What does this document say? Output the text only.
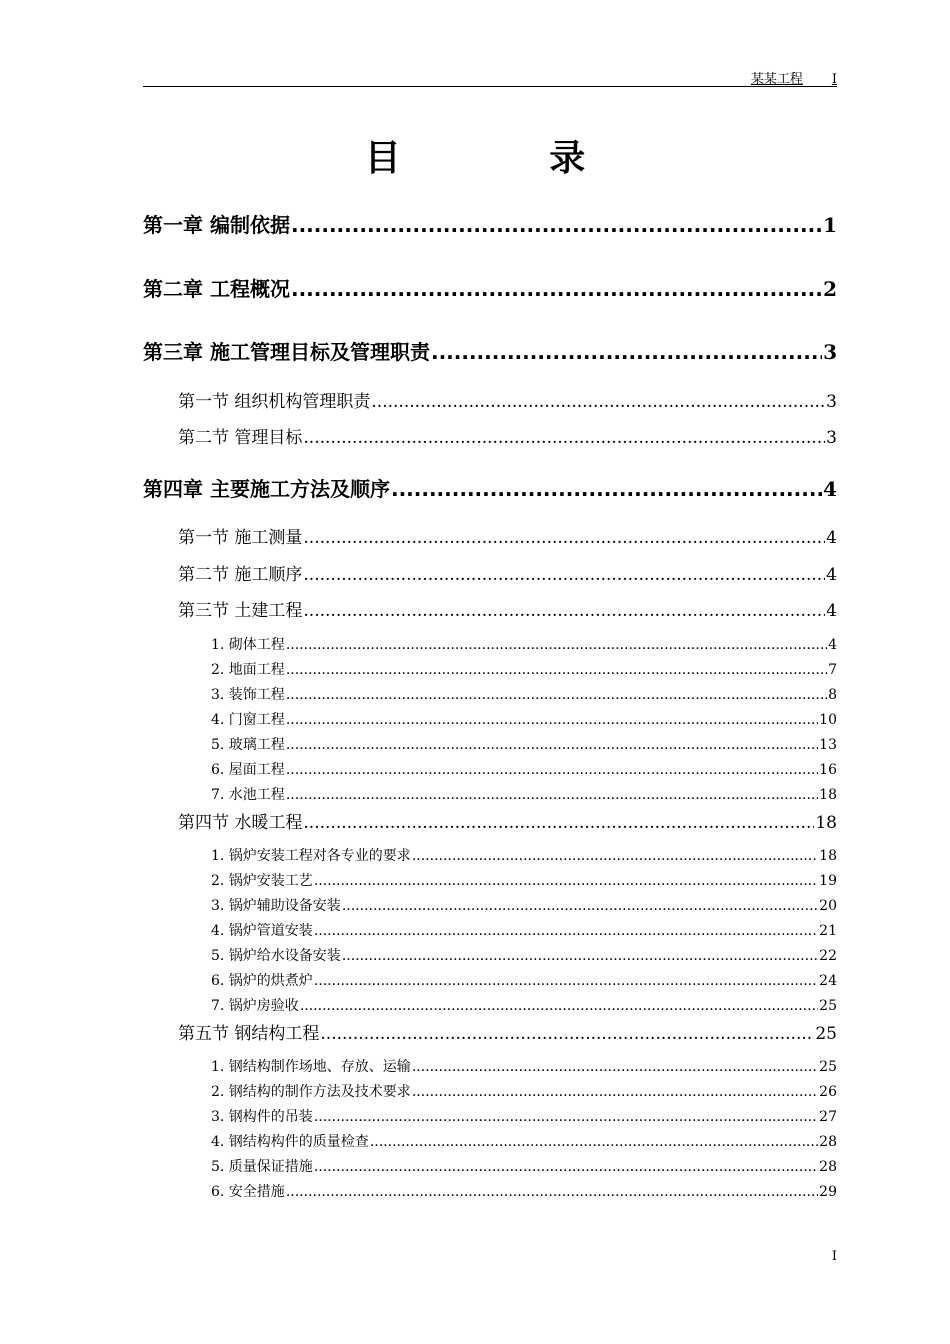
某某工程 I
目	录
第一章 编制依据 .....	1
第二章 工程概况 .....	2
第三章 施工管理目标及管理职责 .....	3
第一节 组织机构管理职责 .....	3
第二节 管理目标 .....	3
第四章 主要施工方法及顺序 .....	4
第一节 施工测量 .....	4
第二节 施工顺序 .....	4
第三节 土建工程 .....	4
1. 砌体工程 .....	4
2. 地面工程 .....	7
3. 装饰工程 .....	8
4. 门窗工程 .....	10
5. 玻璃工程 .....	13
6. 屋面工程 .....	16
7. 水池工程 .....	18
第四节 水暖工程 .....	18
1. 锅炉安装工程对各专业的要求 .....	18
2. 锅炉安装工艺 .....	19
3. 锅炉辅助设备安装 .....	20
4. 锅炉管道安装 .....	21
5. 锅炉给水设备安装 .....	22
6. 锅炉的烘煮炉 .....	24
7. 锅炉房验收 .....	25
第五节 钢结构工程 .....	25
1. 钢结构制作场地、存放、运输 .....	25
2. 钢结构的制作方法及技术要求 .....	26
3. 钢构件的吊装 .....	27
4. 钢结构构件的质量检查 .....	28
5. 质量保证措施 .....	28
6. 安全措施 .....	29
I
